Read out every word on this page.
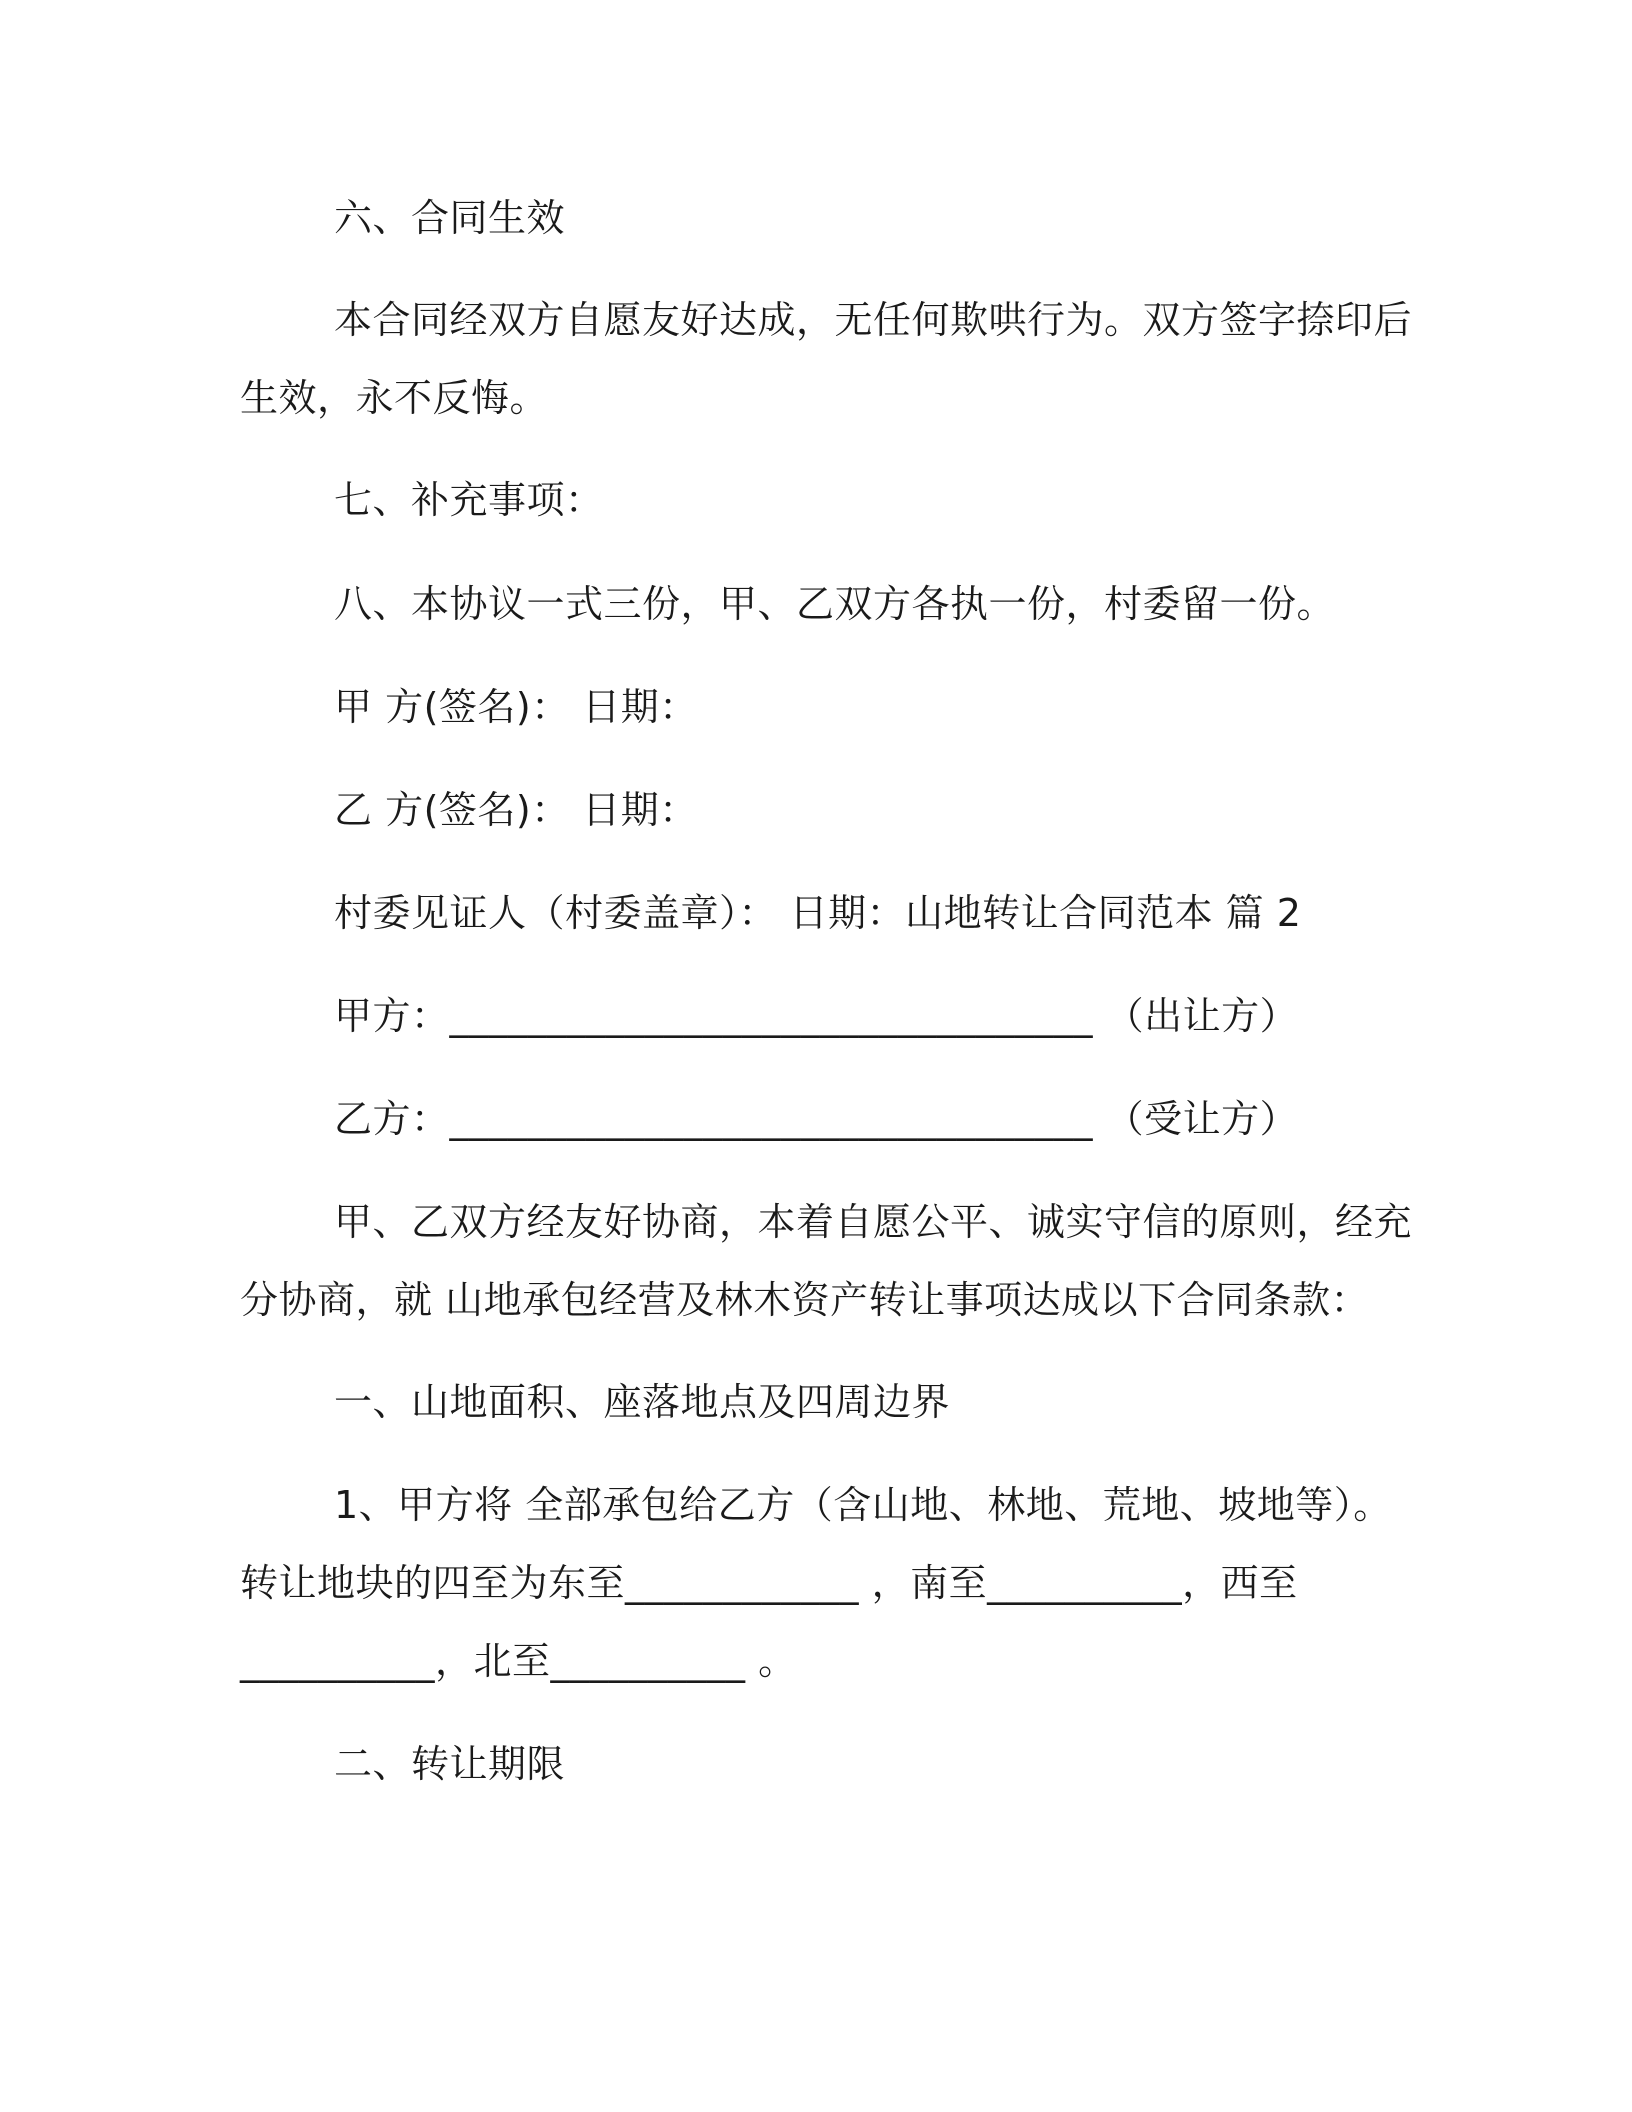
六、合同生效
本合同经双方自愿友好达成，无任何欺哄行为。双方签字捺印后
生效，永不反悔。
七、补充事项：
八、本协议一式三份，甲、乙双方各执一份，村委留一份。
甲 方(签名)： 日期：
乙 方(签名)： 日期：
村委见证人（村委盖章）： 日期：山地转让合同范本 篇 2
甲方：_________________________________ （出让方）
乙方：_________________________________ （受让方）
甲、乙双方经友好协商，本着自愿公平、诚实守信的原则，经充
分协商，就 山地承包经营及林木资产转让事项达成以下合同条款：
一、山地面积、座落地点及四周边界
1、甲方将 全部承包给乙方（含山地、林地、荒地、坡地等）。
转让地块的四至为东至____________ ，南至__________，西至
__________，北至__________ 。
二、转让期限
